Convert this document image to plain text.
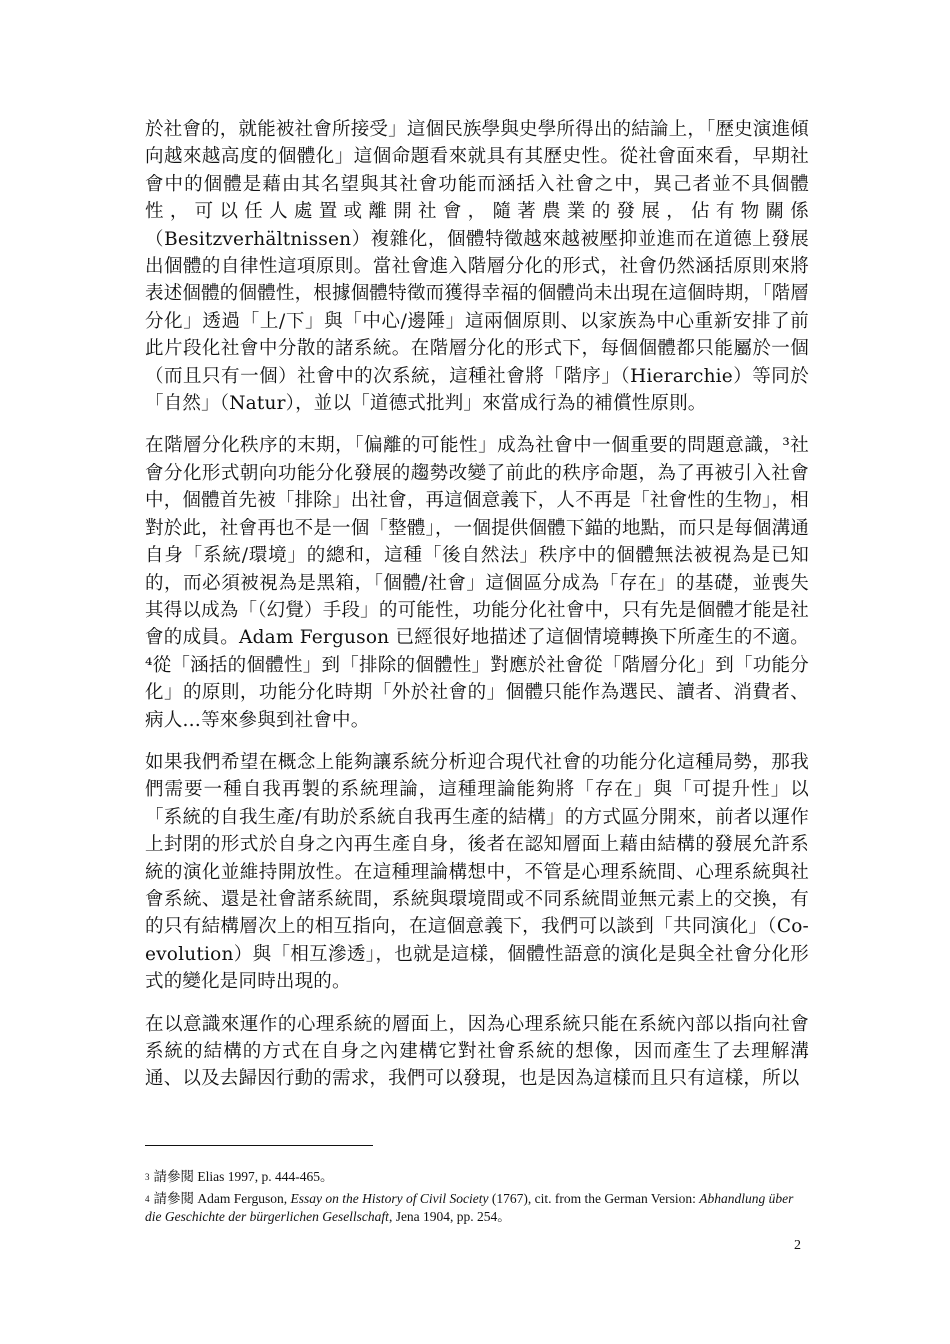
於社會的，就能被社會所接受」這個民族學與史學所得出的結論上，「歷史演進傾向越來越高度的個體化」這個命題看來就具有其歷史性。從社會面來看，早期社會中的個體是藉由其名望與其社會功能而涵括入社會之中，異己者並不具個體性，可以任人處置或離開社會，隨著農業的發展，佔有物關係（Besitzverhältnissen）複雜化，個體特徵越來越被壓抑並進而在道德上發展出個體的自律性這項原則。當社會進入階層分化的形式，社會仍然涵括原則來將表述個體的個體性，根據個體特徵而獲得幸福的個體尚未出現在這個時期，「階層分化」透過「上/下」與「中心/邊陲」這兩個原則、以家族為中心重新安排了前此片段化社會中分散的諸系統。在階層分化的形式下，每個個體都只能屬於一個（而且只有一個）社會中的次系統，這種社會將「階序」（Hierarchie）等同於「自然」（Natur），並以「道德式批判」來當成行為的補償性原則。

在階層分化秩序的末期，「偏離的可能性」成為社會中一個重要的問題意識，³社會分化形式朝向功能分化發展的趨勢改變了前此的秩序命題，為了再被引入社會中，個體首先被「排除」出社會，再這個意義下，人不再是「社會性的生物」，相對於此，社會再也不是一個「整體」，一個提供個體下錨的地點，而只是每個溝通自身「系統/環境」的總和，這種「後自然法」秩序中的個體無法被視為是已知的，而必須被視為是黑箱，「個體/社會」這個區分成為「存在」的基礎，並喪失其得以成為「（幻覺）手段」的可能性，功能分化社會中，只有先是個體才能是社會的成員。Adam Ferguson 已經很好地描述了這個情境轉換下所產生的不適。⁴從「涵括的個體性」到「排除的個體性」對應於社會從「階層分化」到「功能分化」的原則，功能分化時期「外於社會的」個體只能作為選民、讀者、消費者、病人…等來參與到社會中。

如果我們希望在概念上能夠讓系統分析迎合現代社會的功能分化這種局勢，那我們需要一種自我再製的系統理論，這種理論能夠將「存在」與「可提升性」以「系統的自我生產/有助於系統自我再生產的結構」的方式區分開來，前者以運作上封閉的形式於自身之內再生產自身，後者在認知層面上藉由結構的發展允許系統的演化並維持開放性。在這種理論構想中，不管是心理系統間、心理系統與社會系統、還是社會諸系統間，系統與環境間或不同系統間並無元素上的交換，有的只有結構層次上的相互指向，在這個意義下，我們可以談到「共同演化」（Co-evolution）與「相互滲透」，也就是這樣，個體性語意的演化是與全社會分化形式的變化是同時出現的。

在以意識來運作的心理系統的層面上，因為心理系統只能在系統內部以指向社會系統的結構的方式在自身之內建構它對社會系統的想像，因而產生了去理解溝通、以及去歸因行動的需求，我們可以發現，也是因為這樣而且只有這樣，所以

3 請參閱 Elias 1997, p. 444-465。

4 請參閱 Adam Ferguson, Essay on the History of Civil Society (1767), cit. from the German Version: Abhandlung über die Geschichte der bürgerlichen Gesellschaft, Jena 1904, pp. 254。

2
